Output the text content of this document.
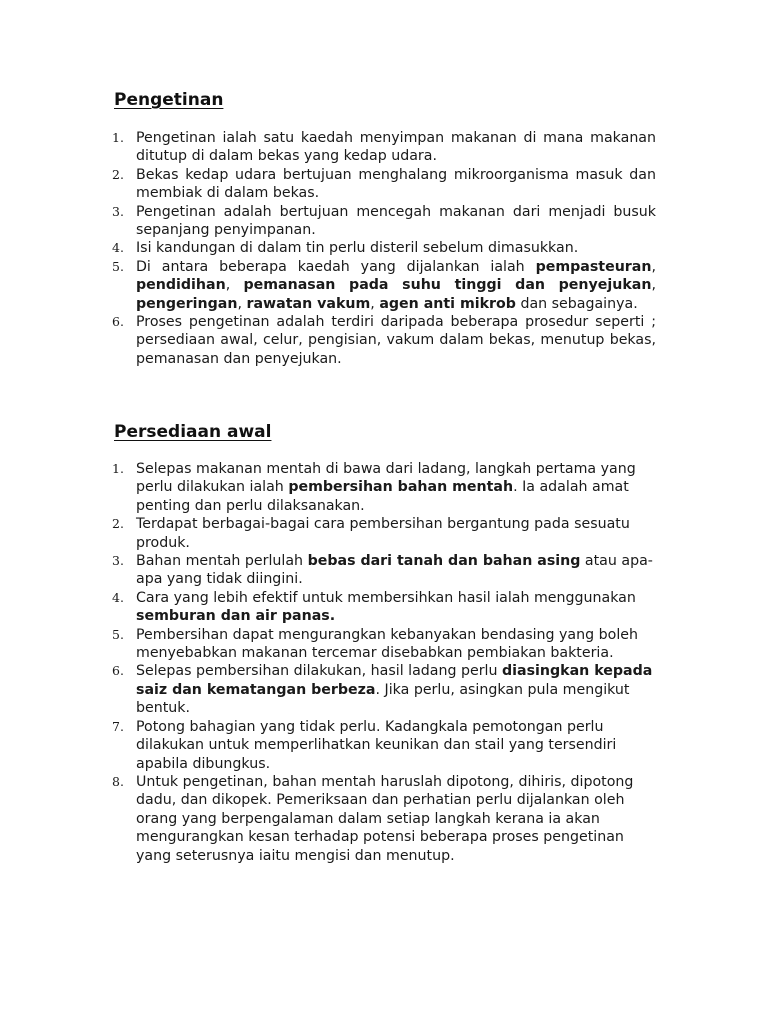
Pengetinan
1. Pengetinan ialah satu kaedah menyimpan makanan di mana makanan ditutup di dalam bekas yang kedap udara.
2. Bekas kedap udara bertujuan menghalang mikroorganisma masuk dan membiak di dalam bekas.
3. Pengetinan adalah bertujuan mencegah makanan dari menjadi busuk sepanjang penyimpanan.
4. Isi kandungan di dalam tin perlu disteril sebelum dimasukkan.
5. Di antara beberapa kaedah yang dijalankan ialah pempasteuran, pendidihan, pemanasan pada suhu tinggi dan penyejukan, pengeringan, rawatan vakum, agen anti mikrob dan sebagainya.
6. Proses pengetinan adalah terdiri daripada beberapa prosedur seperti ; persediaan awal, celur, pengisian, vakum dalam bekas, menutup bekas, pemanasan dan penyejukan.
Persediaan awal
1. Selepas makanan mentah di bawa dari ladang, langkah pertama yang perlu dilakukan ialah pembersihan bahan mentah. Ia adalah amat penting dan perlu dilaksanakan.
2. Terdapat berbagai-bagai cara pembersihan bergantung pada sesuatu produk.
3. Bahan mentah perlulah bebas dari tanah dan bahan asing atau apa-apa yang tidak diingini.
4. Cara yang lebih efektif untuk membersihkan hasil ialah menggunakan semburan dan air panas.
5. Pembersihan dapat mengurangkan kebanyakan bendasing yang boleh menyebabkan makanan tercemar disebabkan pembiakan bakteria.
6. Selepas pembersihan dilakukan, hasil ladang perlu diasingkan kepada saiz dan kematangan berbeza. Jika perlu, asingkan pula mengikut bentuk.
7. Potong bahagian yang tidak perlu. Kadangkala pemotongan perlu dilakukan untuk memperlihatkan keunikan dan stail yang tersendiri apabila dibungkus.
8. Untuk pengetinan, bahan mentah haruslah dipotong, dihiris, dipotong dadu, dan dikopek. Pemeriksaan dan perhatian perlu dijalankan oleh orang yang berpengalaman dalam setiap langkah kerana ia akan mengurangkan kesan terhadap potensi beberapa proses pengetinan yang seterusnya iaitu mengisi dan menutup.
